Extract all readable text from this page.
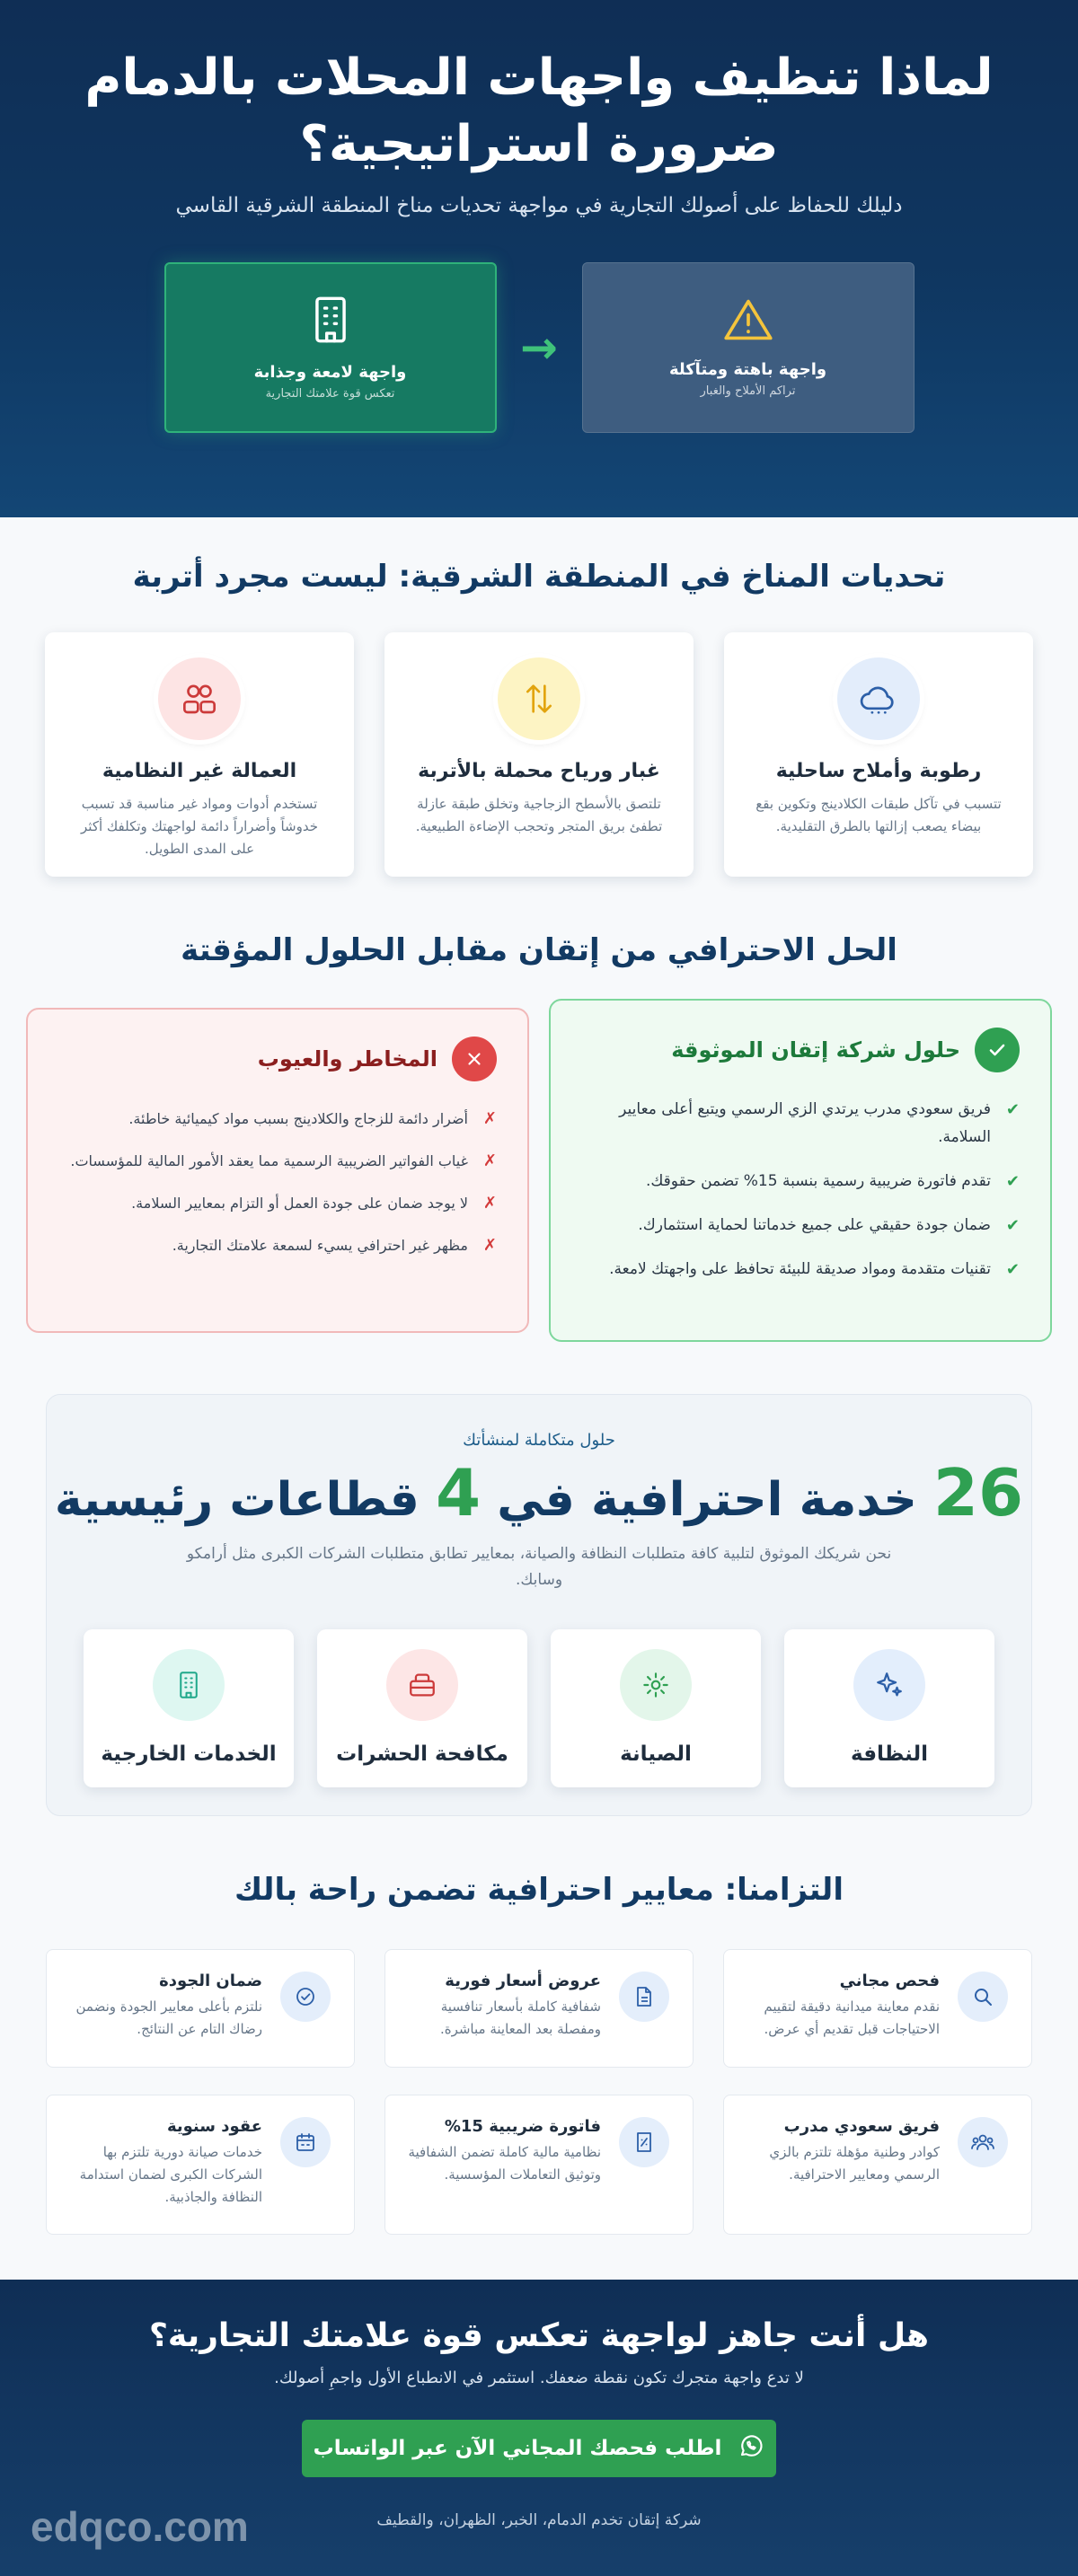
لماذا تنظيف واجهات المحلات بالدمام ضرورة استراتيجية؟

دليلك للحفاظ على أصولك التجارية في مواجهة تحديات مناخ المنطقة الشرقية القاسي

واجهة لامعة وجذابة
تعكس قوة علامتك التجارية
→	واجهة باهتة ومتآكلة
تراكم الأملاح والغبار
تحديات المناخ في المنطقة الشرقية: ليست مجرد أتربة
رطوبة وأملاح ساحلية
تتسبب في تآكل طبقات الكلادينج وتكوين بقع بيضاء يصعب إزالتها بالطرق التقليدية.
غبار ورياح محملة بالأتربة
تلتصق بالأسطح الزجاجية وتخلق طبقة عازلة تطفئ بريق المتجر وتحجب الإضاءة الطبيعية.
العمالة غير النظامية
تستخدم أدوات ومواد غير مناسبة قد تسبب خدوشاً وأضراراً دائمة لواجهتك وتكلفك أكثر على المدى الطويل.
الحل الاحترافي من إتقان مقابل الحلول المؤقتة
حلول شركة إتقان الموثوقة
✔
فريق سعودي مدرب يرتدي الزي الرسمي ويتبع أعلى معايير السلامة.
✔
تقدم فاتورة ضريبية رسمية بنسبة 15% تضمن حقوقك.
✔
ضمان جودة حقيقي على جميع خدماتنا لحماية استثمارك.
✔
تقنيات متقدمة ومواد صديقة للبيئة تحافظ على واجهتك لامعة.
المخاطر والعيوب
✗
أضرار دائمة للزجاج والكلادينج بسبب مواد كيميائية خاطئة.
✗
غياب الفواتير الضريبية الرسمية مما يعقد الأمور المالية للمؤسسات.
✗
لا يوجد ضمان على جودة العمل أو التزام بمعايير السلامة.
✗
مظهر غير احترافي يسيء لسمعة علامتك التجارية.
حلول متكاملة لمنشأتك
26 خدمة احترافية في 4 قطاعات رئيسية

نحن شريكك الموثوق لتلبية كافة متطلبات النظافة والصيانة، بمعايير تطابق متطلبات الشركات الكبرى مثل أرامكو وسابك.

النظافة
الصيانة
مكافحة الحشرات
الخدمات الخارجية
التزامنا: معايير احترافية تضمن راحة بالك
فحص مجاني
نقدم معاينة ميدانية دقيقة لتقييم الاحتياجات قبل تقديم أي عرض.
عروض أسعار فورية
شفافية كاملة بأسعار تنافسية ومفصلة بعد المعاينة مباشرة.
ضمان الجودة
نلتزم بأعلى معايير الجودة ونضمن رضاك التام عن النتائج.
فريق سعودي مدرب
كوادر وطنية مؤهلة تلتزم بالزي الرسمي ومعايير الاحترافية.
فاتورة ضريبية 15%
نظامية مالية كاملة تضمن الشفافية وتوثيق التعاملات المؤسسية.
عقود سنوية
خدمات صيانة دورية تلتزم بها الشركات الكبرى لضمان استدامة النظافة والجاذبية.
هل أنت جاهز لواجهة تعكس قوة علامتك التجارية؟

لا تدع واجهة متجرك تكون نقطة ضعفك. استثمر في الانطباع الأول واجمِ أصولك.

اطلب فحصك المجاني الآن عبر الواتساب

شركة إتقان تخدم الدمام، الخبر، الظهران، والقطيف

edqco.com
